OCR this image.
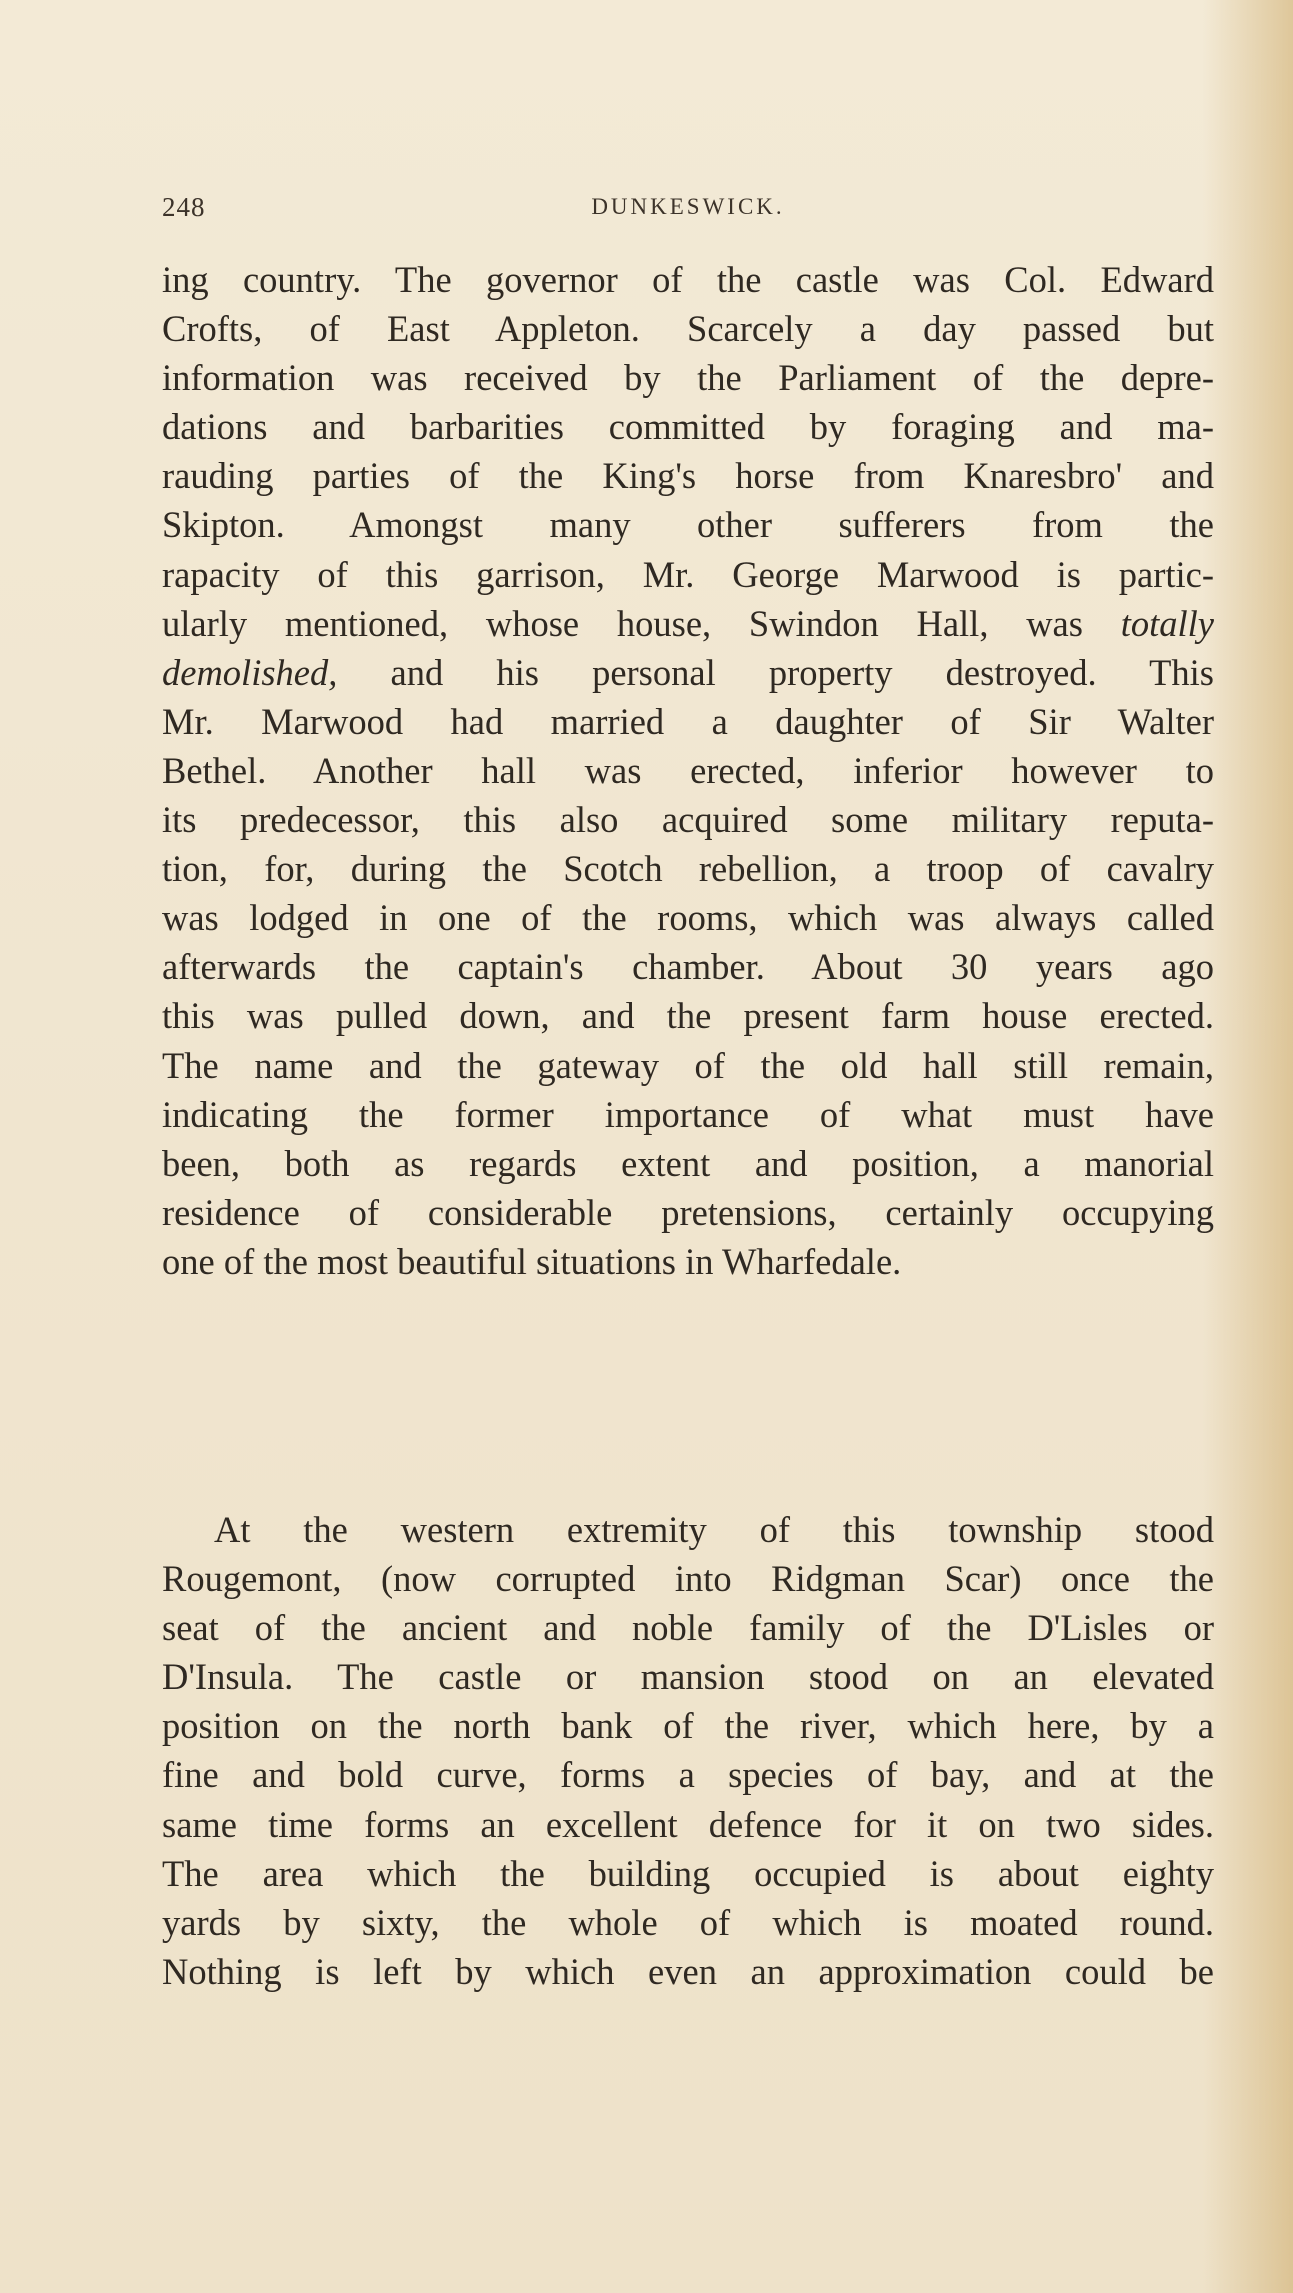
248	DUNKESWICK.
ing country. The governor of the castle was Col. Edward
Crofts, of East Appleton. Scarcely a day passed but
information was received by the Parliament of the depre-
dations and barbarities committed by foraging and ma-
rauding parties of the King's horse from Knaresbro' and
Skipton. Amongst many other sufferers from the
rapacity of this garrison, Mr. George Marwood is partic-
ularly mentioned, whose house, Swindon Hall, was totally
demolished, and his personal property destroyed. This
Mr. Marwood had married a daughter of Sir Walter
Bethel. Another hall was erected, inferior however to
its predecessor, this also acquired some military reputa-
tion, for, during the Scotch rebellion, a troop of cavalry
was lodged in one of the rooms, which was always called
afterwards the captain's chamber. About 30 years ago
this was pulled down, and the present farm house erected.
The name and the gateway of the old hall still remain,
indicating the former importance of what must have
been, both as regards extent and position, a manorial
residence of considerable pretensions, certainly occupying
one of the most beautiful situations in Wharfedale.
At the western extremity of this township stood
Rougemont, (now corrupted into Ridgman Scar) once the
seat of the ancient and noble family of the D'Lisles or
D'Insula. The castle or mansion stood on an elevated
position on the north bank of the river, which here, by a
fine and bold curve, forms a species of bay, and at the
same time forms an excellent defence for it on two sides.
The area which the building occupied is about eighty
yards by sixty, the whole of which is moated round.
Nothing is left by which even an approximation could be
